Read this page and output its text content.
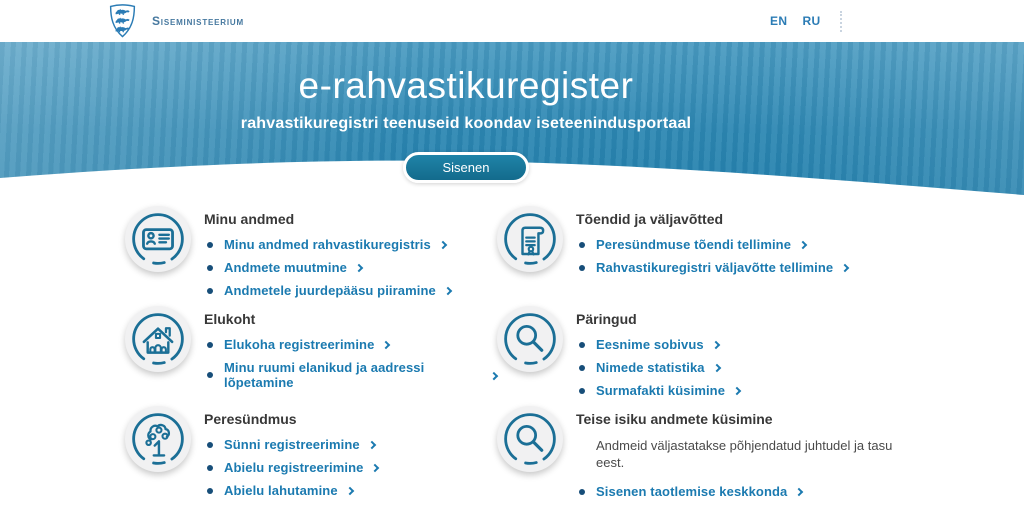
Siseministeerium	EN RU
e-rahvastikuregister
rahvastikuregistri teenuseid koondav iseteenindusportaal
Sisenen
Minu andmed
Minu andmed rahvastikuregistris
Andmete muutmine
Andmetele juurdepääsu piiramine
Tõendid ja väljavõtted
Peresündmuse tõendi tellimine
Rahvastikuregistri väljavõtte tellimine
Elukoht
Elukoha registreerimine
Minu ruumi elanikud ja aadressi lõpetamine
Päringud
Eesnime sobivus
Nimede statistika
Surmafakti küsimine
Peresündmus
Sünni registreerimine
Abielu registreerimine
Abielu lahutamine
Teise isiku andmete küsimine

Andmeid väljastatakse põhjendatud juhtudel ja tasu eest.

Sisenen taotlemise keskkonda
